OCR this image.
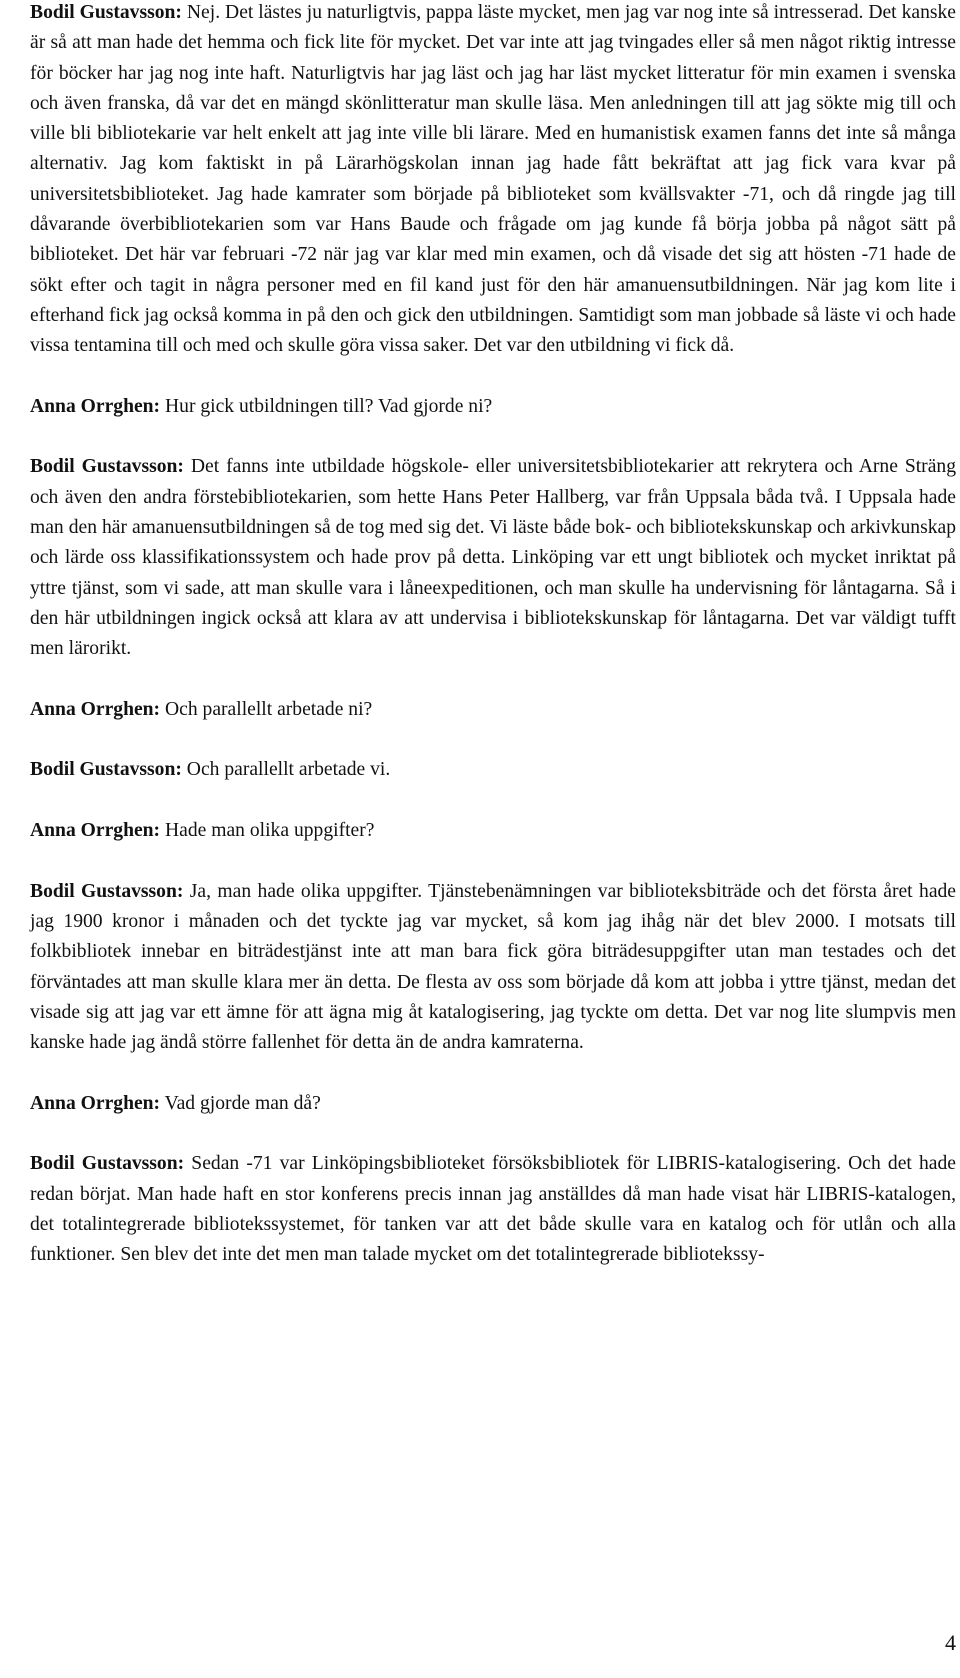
Bodil Gustavsson: Nej. Det lästes ju naturligtvis, pappa läste mycket, men jag var nog inte så intresserad. Det kanske är så att man hade det hemma och fick lite för mycket. Det var inte att jag tvingades eller så men något riktig intresse för böcker har jag nog inte haft. Naturligtvis har jag läst och jag har läst mycket litteratur för min examen i svenska och även franska, då var det en mängd skönlitteratur man skulle läsa. Men anledningen till att jag sökte mig till och ville bli bibliotekarie var helt enkelt att jag inte ville bli lärare. Med en humanistisk examen fanns det inte så många alternativ. Jag kom faktiskt in på Lärarhögskolan innan jag hade fått bekräftat att jag fick vara kvar på universitetsbiblioteket. Jag hade kamrater som började på biblioteket som kvällsvakter -71, och då ringde jag till dåvarande överbibliotekarien som var Hans Baude och frågade om jag kunde få börja jobba på något sätt på biblioteket. Det här var februari -72 när jag var klar med min examen, och då visade det sig att hösten -71 hade de sökt efter och tagit in några personer med en fil kand just för den här amanuensutbildningen. När jag kom lite i efterhand fick jag också komma in på den och gick den utbildningen. Samtidigt som man jobbade så läste vi och hade vissa tentamina till och med och skulle göra vissa saker. Det var den utbildning vi fick då.

Anna Orrghen: Hur gick utbildningen till? Vad gjorde ni?

Bodil Gustavsson: Det fanns inte utbildade högskole- eller universitetsbibliotekarier att rekrytera och Arne Sträng och även den andra förstebibliotekarien, som hette Hans Peter Hallberg, var från Uppsala båda två. I Uppsala hade man den här amanuensutbildningen så de tog med sig det. Vi läste både bok- och bibliotekskunskap och arkivkunskap och lärde oss klassifikationssystem och hade prov på detta. Linköping var ett ungt bibliotek och mycket inriktat på yttre tjänst, som vi sade, att man skulle vara i låneexpeditionen, och man skulle ha undervisning för låntagarna. Så i den här utbildningen ingick också att klara av att undervisa i bibliotekskunskap för låntagarna. Det var väldigt tufft men lärorikt.

Anna Orrghen: Och parallellt arbetade ni?

Bodil Gustavsson: Och parallellt arbetade vi.

Anna Orrghen: Hade man olika uppgifter?

Bodil Gustavsson: Ja, man hade olika uppgifter. Tjänstebenämningen var biblioteksbiträde och det första året hade jag 1900 kronor i månaden och det tyckte jag var mycket, så kom jag ihåg när det blev 2000. I motsats till folkbibliotek innebar en biträdestjänst inte att man bara fick göra biträdesuppgifter utan man testades och det förväntades att man skulle klara mer än detta. De flesta av oss som började då kom att jobba i yttre tjänst, medan det visade sig att jag var ett ämne för att ägna mig åt katalogisering, jag tyckte om detta. Det var nog lite slumpvis men kanske hade jag ändå större fallenhet för detta än de andra kamraterna.

Anna Orrghen: Vad gjorde man då?

Bodil Gustavsson: Sedan -71 var Linköpingsbiblioteket försöksbibliotek för LIBRIS-katalogisering. Och det hade redan börjat. Man hade haft en stor konferens precis innan jag anställdes då man hade visat här LIBRIS-katalogen, det totalintegrerade bibliotekssystemet, för tanken var att det både skulle vara en katalog och för utlån och alla funktioner. Sen blev det inte det men man talade mycket om det totalintegrerade bibliotekssy-

4
